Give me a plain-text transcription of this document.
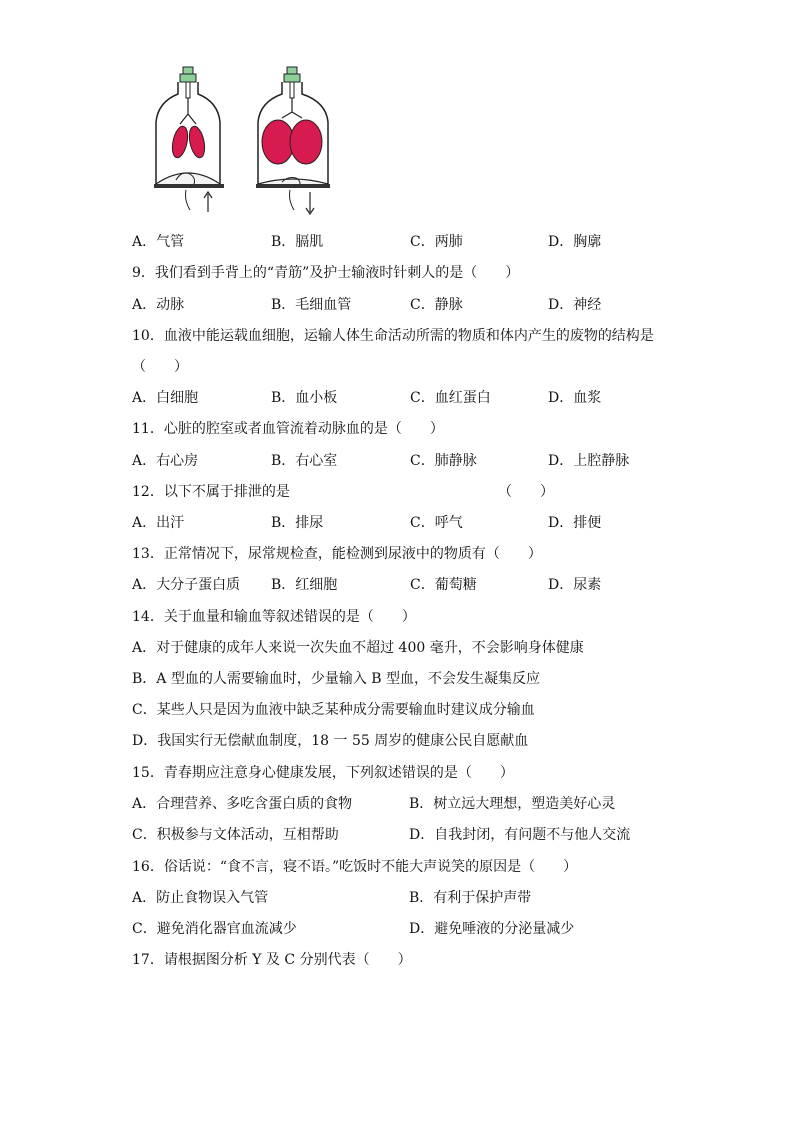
A．气管	B．膈肌	C．两肺	D．胸廓
9．我们看到手背上的“青筋”及护士输液时针刺人的是（　　）
A．动脉	B．毛细血管	C．静脉	D．神经
10．血液中能运载血细胞，运输人体生命活动所需的物质和体内产生的废物的结构是
（　　）
A．白细胞	B．血小板	C．血红蛋白	D．血浆
11．心脏的腔室或者血管流着动脉血的是（　　）
A．右心房	B．右心室	C．肺静脉	D．上腔静脉
12．以下不属于排泄的是	（　　）
A．出汗	B．排尿	C．呼气	D．排便
13．正常情况下，尿常规检查，能检测到尿液中的物质有（　　）
A．大分子蛋白质 B．红细胞	C．葡萄糖	D．尿素
14．关于血量和输血等叙述错误的是（　　）
A．对于健康的成年人来说一次失血不超过 400 毫升，不会影响身体健康
B．A 型血的人需要输血时，少量输入 B 型血，不会发生凝集反应
C．某些人只是因为血液中缺乏某种成分需要输血时建议成分输血
D．我国实行无偿献血制度，18 一 55 周岁的健康公民自愿献血
15．青春期应注意身心健康发展，下列叙述错误的是（　　）
A．合理营养、多吃含蛋白质的食物	B．树立远大理想，塑造美好心灵
C．积极参与文体活动，互相帮助	D．自我封闭，有问题不与他人交流
16．俗话说：“食不言，寝不语。”吃饭时不能大声说笑的原因是（　　）
A．防止食物误入气管	B．有利于保护声带
C．避免消化器官血流减少	D．避免唾液的分泌量减少
17．请根据图分析 Y 及 C 分别代表（　　）
